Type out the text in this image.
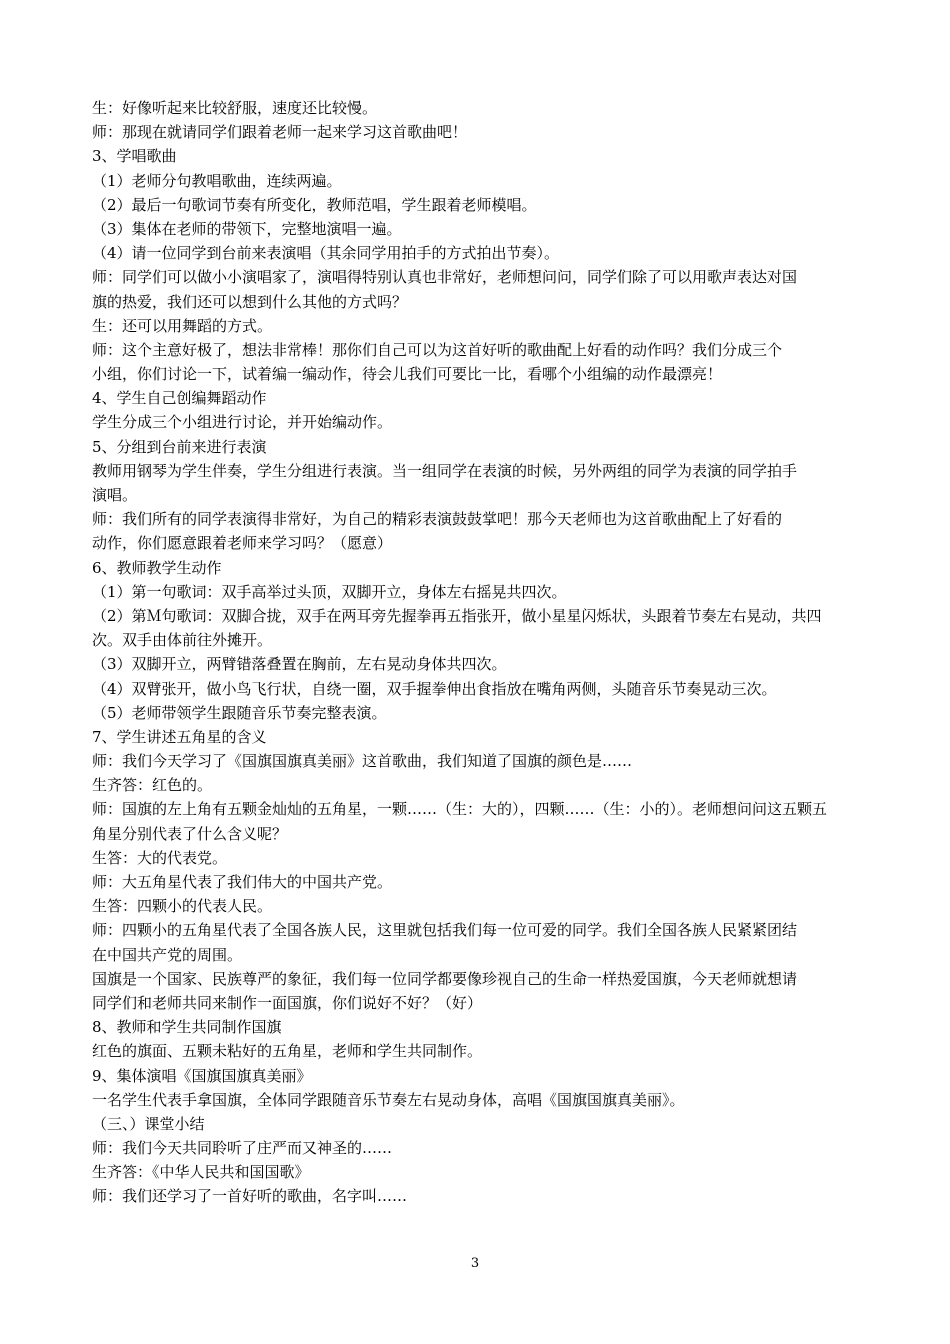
生：好像听起来比较舒服，速度还比较慢。
师：那现在就请同学们跟着老师一起来学习这首歌曲吧！
3、学唱歌曲
（1）老师分句教唱歌曲，连续两遍。
（2）最后一句歌词节奏有所变化，教师范唱，学生跟着老师模唱。
（3）集体在老师的带领下，完整地演唱一遍。
（4）请一位同学到台前来表演唱（其余同学用拍手的方式拍出节奏）。
师：同学们可以做小小演唱家了，演唱得特别认真也非常好，老师想问问，同学们除了可以用歌声表达对国
旗的热爱，我们还可以想到什么其他的方式吗？
生：还可以用舞蹈的方式。
师：这个主意好极了，想法非常棒！那你们自己可以为这首好听的歌曲配上好看的动作吗？我们分成三个
小组，你们讨论一下，试着编一编动作，待会儿我们可要比一比，看哪个小组编的动作最漂亮！
4、学生自己创编舞蹈动作
学生分成三个小组进行讨论，并开始编动作。
5、分组到台前来进行表演
教师用钢琴为学生伴奏，学生分组进行表演。当一组同学在表演的时候，另外两组的同学为表演的同学拍手
演唱。
师：我们所有的同学表演得非常好，为自己的精彩表演鼓鼓掌吧！那今天老师也为这首歌曲配上了好看的
动作，你们愿意跟着老师来学习吗？（愿意）
6、教师教学生动作
（1）第一句歌词：双手高举过头顶，双脚开立，身体左右摇晃共四次。
（2）第Ｍ句歌词：双脚合拢，双手在两耳旁先握拳再五指张开，做小星星闪烁状，头跟着节奏左右晃动，共四
次。双手由体前往外摊开。
（3）双脚开立，两臂错落叠置在胸前，左右晃动身体共四次。
（4）双臂张开，做小鸟飞行状，自绕一圈，双手握拳伸出食指放在嘴角两侧，头随音乐节奏晃动三次。
（5）老师带领学生跟随音乐节奏完整表演。
7、学生讲述五角星的含义
师：我们今天学习了《国旗国旗真美丽》这首歌曲，我们知道了国旗的颜色是……
生齐答：红色的。
师：国旗的左上角有五颗金灿灿的五角星，一颗……（生：大的），四颗……（生：小的）。老师想问问这五颗五
角星分别代表了什么含义呢？
生答：大的代表党。
师：大五角星代表了我们伟大的中国共产党。
生答：四颗小的代表人民。
师：四颗小的五角星代表了全国各族人民，这里就包括我们每一位可爱的同学。我们全国各族人民紧紧团结
在中国共产党的周围。
国旗是一个国家、民族尊严的象征，我们每一位同学都要像珍视自己的生命一样热爱国旗，今天老师就想请
同学们和老师共同来制作一面国旗，你们说好不好？（好）
8、教师和学生共同制作国旗
红色的旗面、五颗未粘好的五角星，老师和学生共同制作。
9、集体演唱《国旗国旗真美丽》
一名学生代表手拿国旗，全体同学跟随音乐节奏左右晃动身体，高唱《国旗国旗真美丽》。
（三、）课堂小结
师：我们今天共同聆听了庄严而又神圣的……
生齐答：《中华人民共和国国歌》
师：我们还学习了一首好听的歌曲，名字叫……
3
